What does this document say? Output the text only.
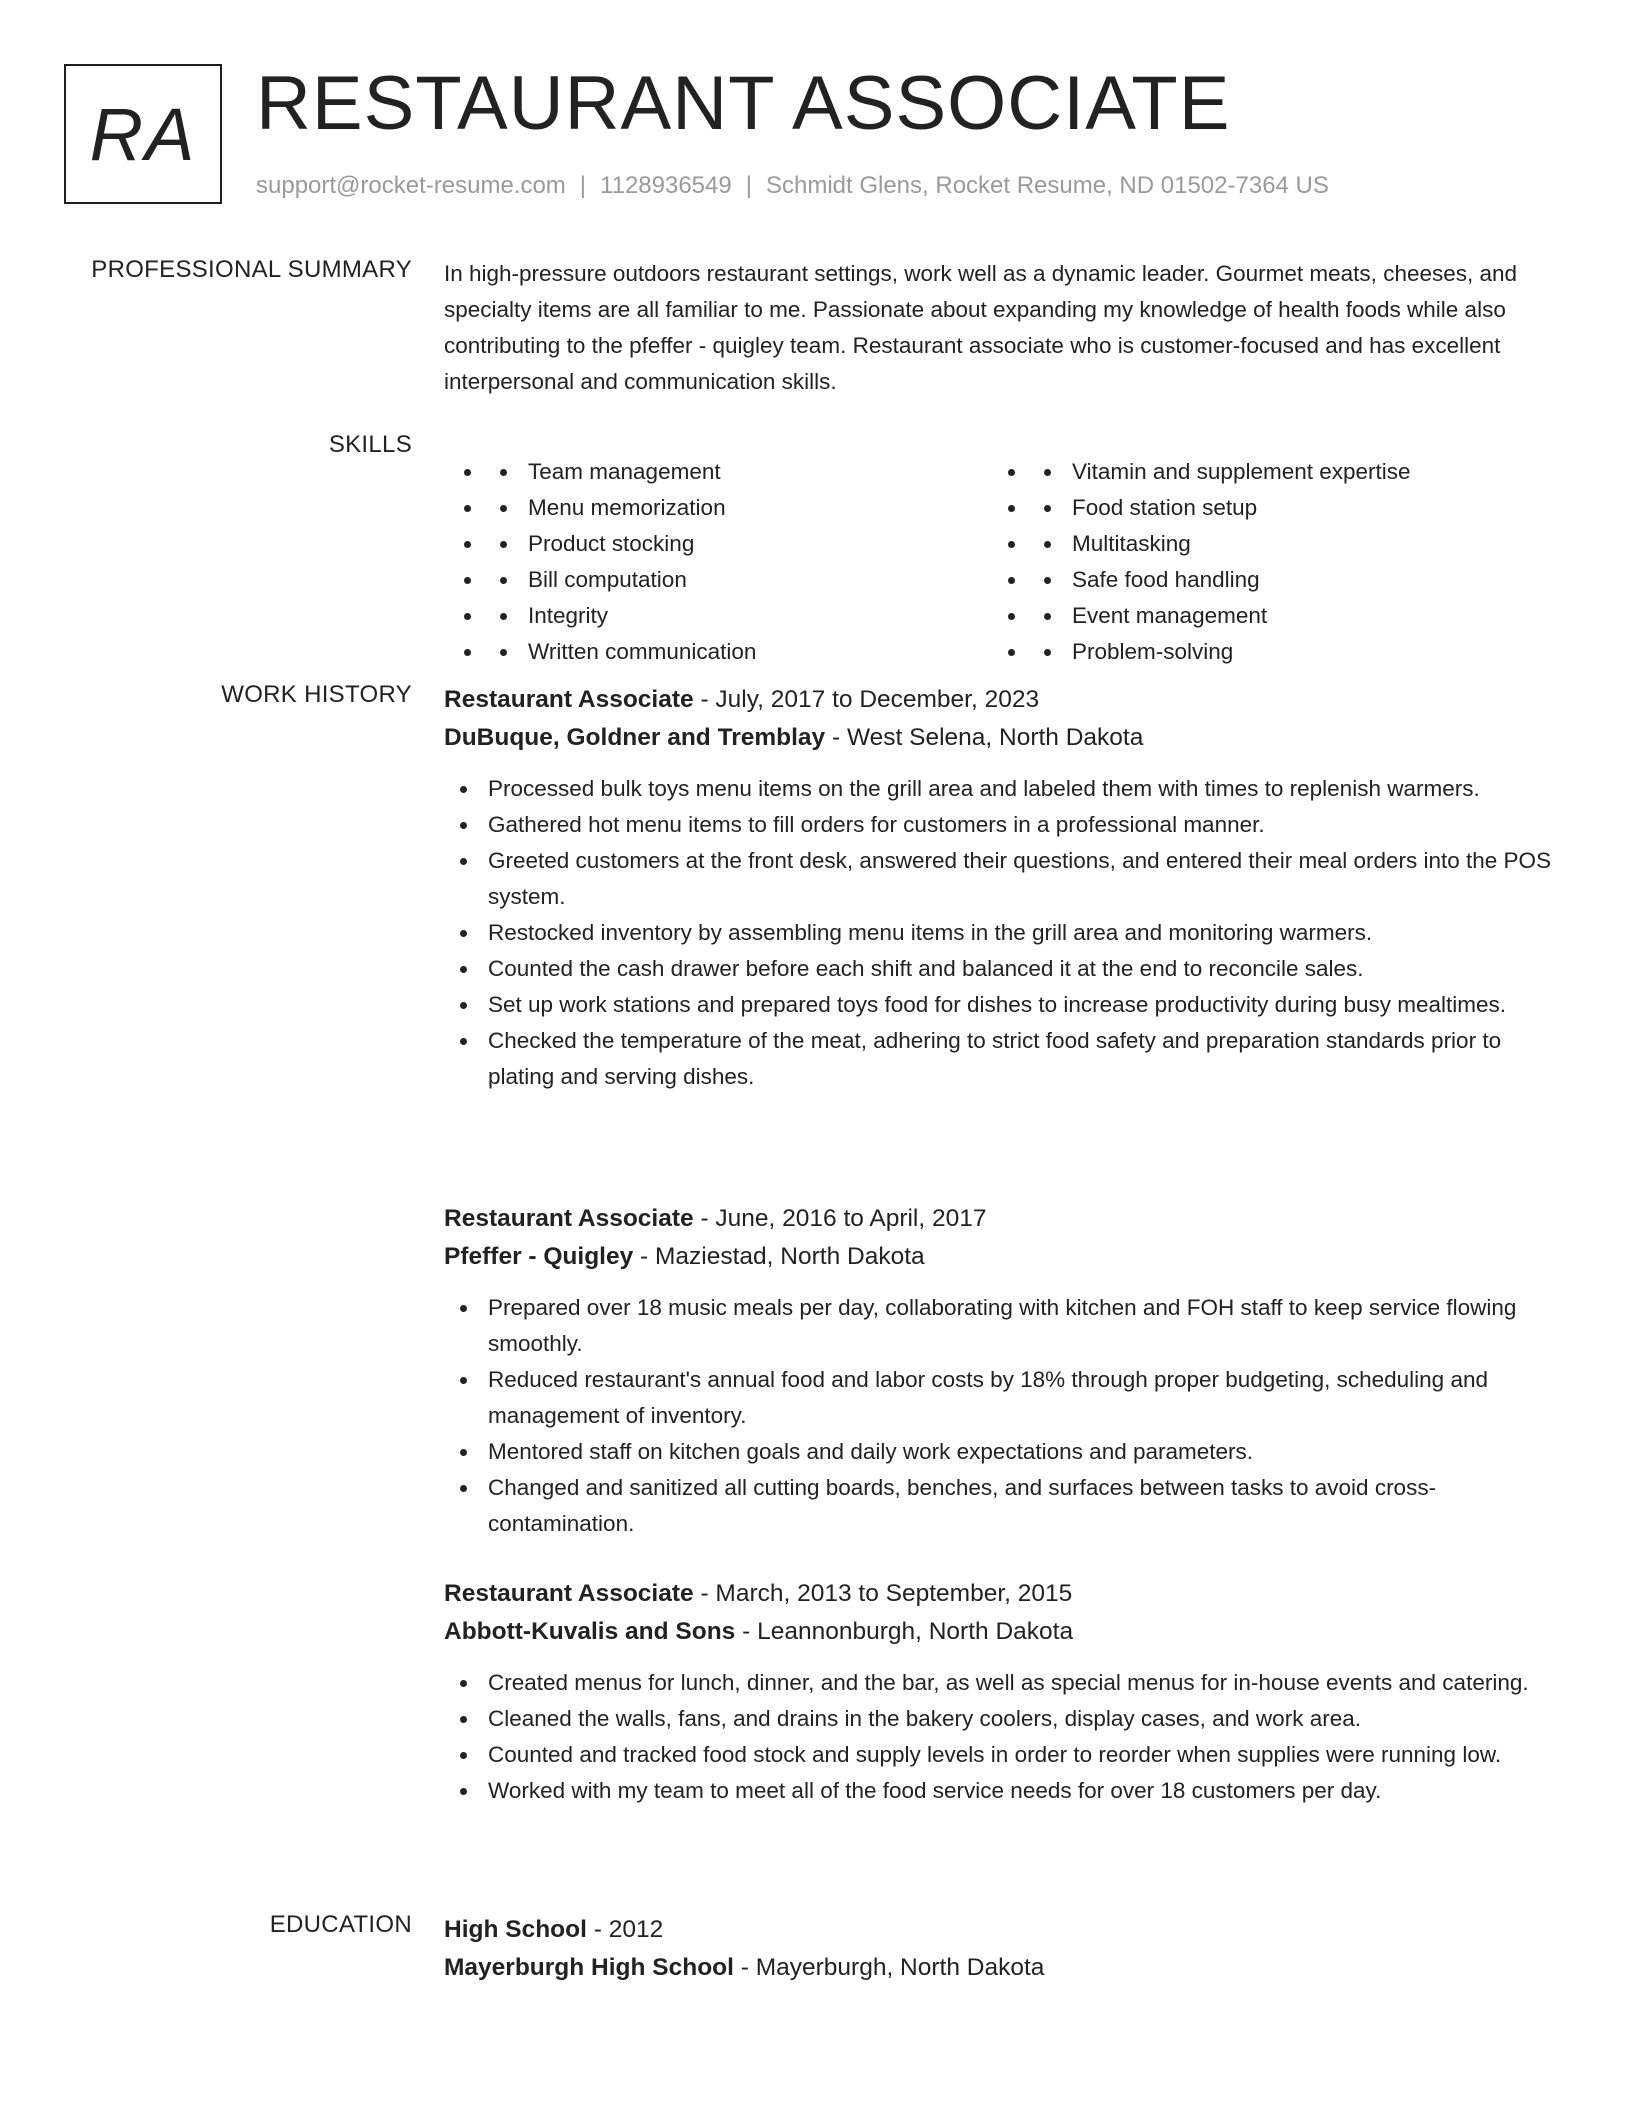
RA RESTAURANT ASSOCIATE
support@rocket-resume.com | 1128936549 | Schmidt Glens, Rocket Resume, ND 01502-7364 US
PROFESSIONAL SUMMARY In high-pressure outdoors restaurant settings, work well as a dynamic leader. Gourmet meats, cheeses, and specialty items are all familiar to me. Passionate about expanding my knowledge of health foods while also contributing to the pfeffer - quigley team. Restaurant associate who is customer-focused and has excellent interpersonal and communication skills.
SKILLS
• Team management
• Menu memorization
• Product stocking
• Bill computation
• Integrity
• Written communication
• Vitamin and supplement expertise
• Food station setup
• Multitasking
• Safe food handling
• Event management
• Problem-solving
WORK HISTORY Restaurant Associate - July, 2017 to December, 2023
DuBuque, Goldner and Tremblay - West Selena, North Dakota
Processed bulk toys menu items on the grill area and labeled them with times to replenish warmers.
Gathered hot menu items to fill orders for customers in a professional manner.
Greeted customers at the front desk, answered their questions, and entered their meal orders into the POS system.
Restocked inventory by assembling menu items in the grill area and monitoring warmers.
Counted the cash drawer before each shift and balanced it at the end to reconcile sales.
Set up work stations and prepared toys food for dishes to increase productivity during busy mealtimes.
Checked the temperature of the meat, adhering to strict food safety and preparation standards prior to plating and serving dishes.
Restaurant Associate - June, 2016 to April, 2017
Pfeffer - Quigley - Maziestad, North Dakota
Prepared over 18 music meals per day, collaborating with kitchen and FOH staff to keep service flowing smoothly.
Reduced restaurant's annual food and labor costs by 18% through proper budgeting, scheduling and management of inventory.
Mentored staff on kitchen goals and daily work expectations and parameters.
Changed and sanitized all cutting boards, benches, and surfaces between tasks to avoid cross-contamination.
Restaurant Associate - March, 2013 to September, 2015
Abbott-Kuvalis and Sons - Leannonburgh, North Dakota
Created menus for lunch, dinner, and the bar, as well as special menus for in-house events and catering.
Cleaned the walls, fans, and drains in the bakery coolers, display cases, and work area.
Counted and tracked food stock and supply levels in order to reorder when supplies were running low.
Worked with my team to meet all of the food service needs for over 18 customers per day.
EDUCATION High School - 2012
Mayerburgh High School - Mayerburgh, North Dakota
